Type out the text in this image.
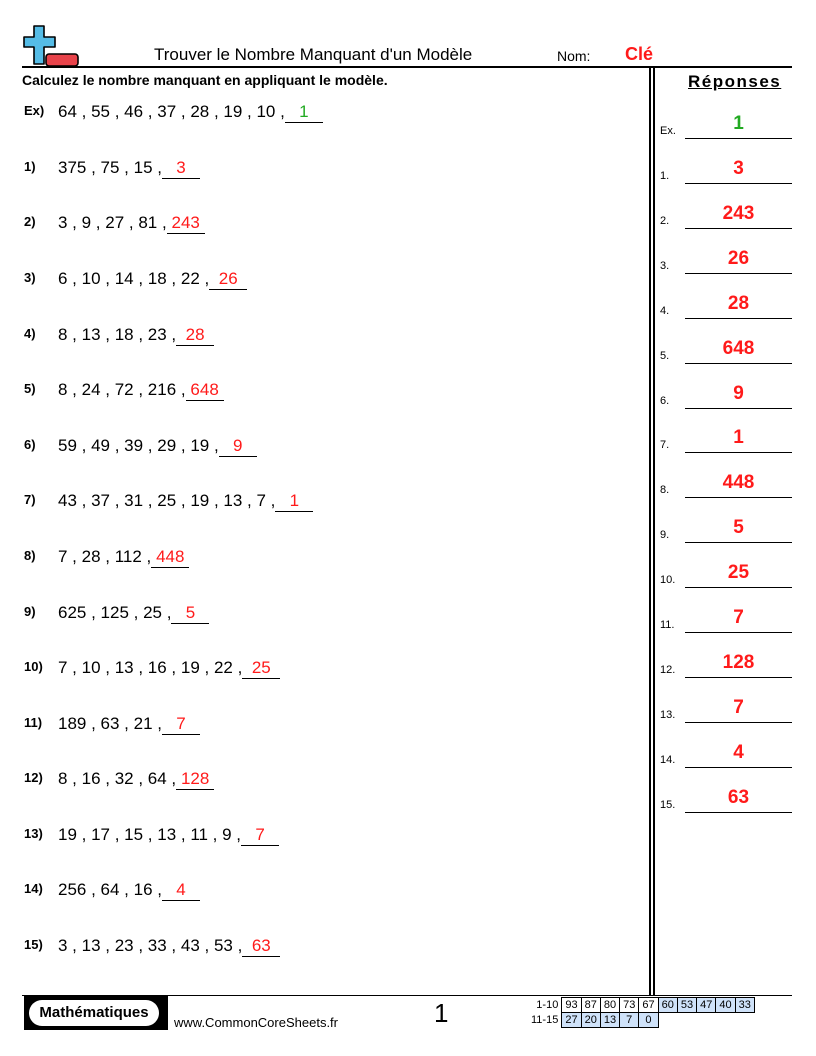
Trouver le Nombre Manquant d'un Modèle	Nom: Clé
Calculez le nombre manquant en appliquant le modèle.	Réponses
Ex) 64 , 55 , 46 , 37 , 28 , 19 , 10 , 1
1) 375 , 75 , 15 , 3
2) 3 , 9 , 27 , 81 , 243
3) 6 , 10 , 14 , 18 , 22 , 26
4) 8 , 13 , 18 , 23 , 28
5) 8 , 24 , 72 , 216 , 648
6) 59 , 49 , 39 , 29 , 19 , 9
7) 43 , 37 , 31 , 25 , 19 , 13 , 7 , 1
8) 7 , 28 , 112 , 448
9) 625 , 125 , 25 , 5
10) 7 , 10 , 13 , 16 , 19 , 22 , 25
11) 189 , 63 , 21 , 7
12) 8 , 16 , 32 , 64 , 128
13) 19 , 17 , 15 , 13 , 11 , 9 , 7
14) 256 , 64 , 16 , 4
15) 3 , 13 , 23 , 33 , 43 , 53 , 63
Ex.	1
1.	3
2.	243
3.	26
4.	28
5.	648
6.	9
7.	1
8.	448
9.	5
10.	25
11.	7
12.	128
13.	7
14.	4
15.	63
Mathématiques
www.CommonCoreSheets.fr	1	1-10	93	87	80	73	67	60	53	47	40	33
11-15	27	20	13	7	0					
